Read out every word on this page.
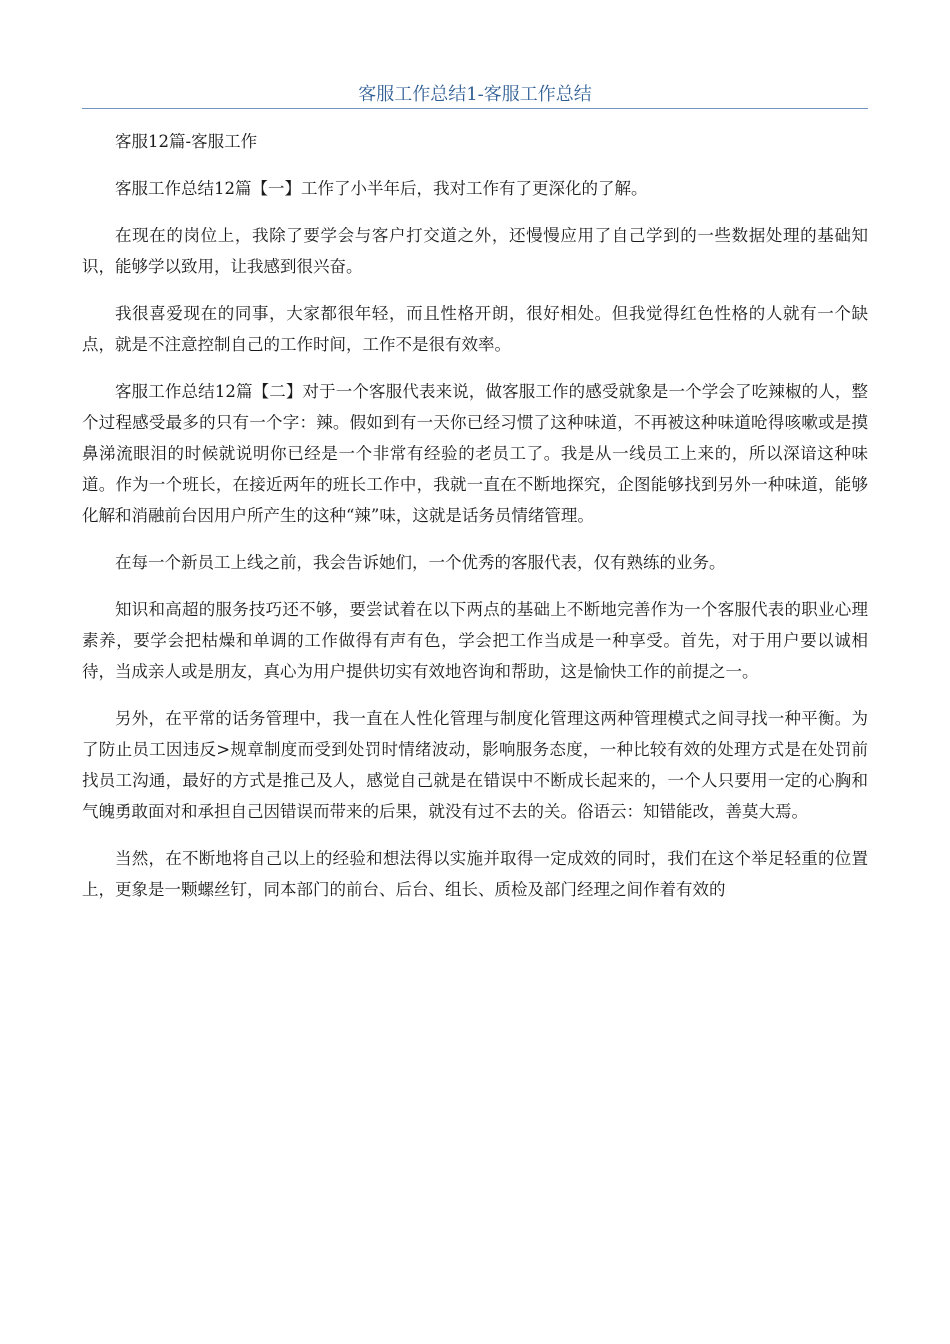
客服工作总结1-客服工作总结

客服12篇-客服工作

客服工作总结12篇【一】工作了小半年后，我对工作有了更深化的了解。

在现在的岗位上，我除了要学会与客户打交道之外，还慢慢应用了自己学到的一些数据处理的基础知识，能够学以致用，让我感到很兴奋。

我很喜爱现在的同事，大家都很年轻，而且性格开朗，很好相处。但我觉得红色性格的人就有一个缺点，就是不注意控制自己的工作时间，工作不是很有效率。

客服工作总结12篇【二】对于一个客服代表来说，做客服工作的感受就象是一个学会了吃辣椒的人，整个过程感受最多的只有一个字：辣。假如到有一天你已经习惯了这种味道，不再被这种味道呛得咳嗽或是摸鼻涕流眼泪的时候就说明你已经是一个非常有经验的老员工了。我是从一线员工上来的，所以深谙这种味道。作为一个班长，在接近两年的班长工作中，我就一直在不断地探究，企图能够找到另外一种味道，能够化解和消融前台因用户所产生的这种“辣”味，这就是话务员情绪管理。

在每一个新员工上线之前，我会告诉她们，一个优秀的客服代表，仅有熟练的业务。

知识和高超的服务技巧还不够，要尝试着在以下两点的基础上不断地完善作为一个客服代表的职业心理素养，要学会把枯燥和单调的工作做得有声有色，学会把工作当成是一种享受。首先，对于用户要以诚相待，当成亲人或是朋友，真心为用户提供切实有效地咨询和帮助，这是愉快工作的前提之一。

另外，在平常的话务管理中，我一直在人性化管理与制度化管理这两种管理模式之间寻找一种平衡。为了防止员工因违反>规章制度而受到处罚时情绪波动，影响服务态度，一种比较有效的处理方式是在处罚前找员工沟通，最好的方式是推己及人，感觉自己就是在错误中不断成长起来的，一个人只要用一定的心胸和气魄勇敢面对和承担自己因错误而带来的后果，就没有过不去的关。俗语云：知错能改，善莫大焉。

当然，在不断地将自己以上的经验和想法得以实施并取得一定成效的同时，我们在这个举足轻重的位置上，更象是一颗螺丝钉，同本部门的前台、后台、组长、质检及部门经理之间作着有效的
